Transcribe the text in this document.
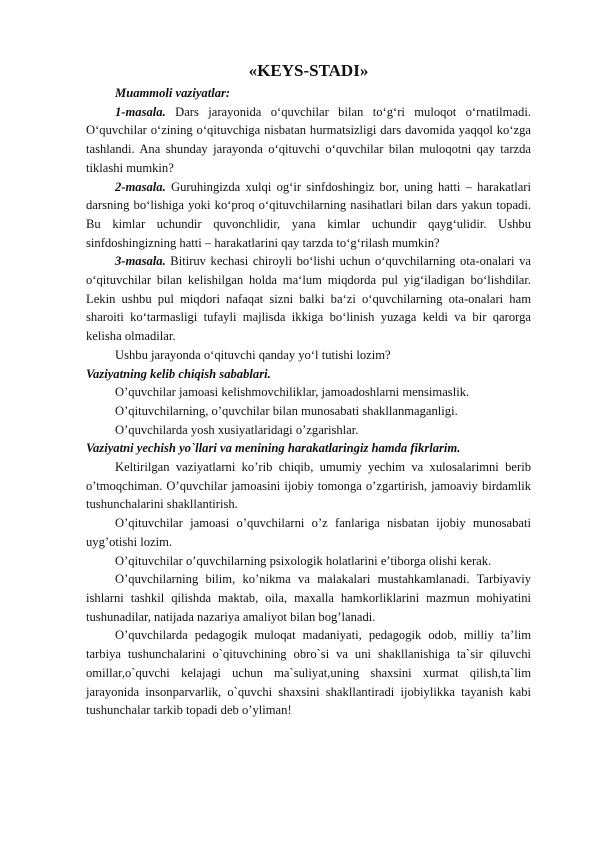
«KEYS-STADI»

Muammoli vaziyatlar:

1-masala. Dars jarayonida o‘quvchilar bilan to‘g‘ri muloqot o‘rnatilmadi. O‘quvchilar o‘zining o‘qituvchiga nisbatan hurmatsizligi dars davomida yaqqol ko‘zga tashlandi. Ana shunday jarayonda o‘qituvchi o‘quvchilar bilan muloqotni qay tarzda tiklashi mumkin?

2-masala. Guruhingizda xulqi og‘ir sinfdoshingiz bor, uning hatti – harakatlari darsning bo‘lishiga yoki ko‘proq o‘qituvchilarning nasihatlari bilan dars yakun topadi. Bu kimlar uchundir quvonchlidir, yana kimlar uchundir qayg‘ulidir. Ushbu sinfdoshingizning hatti – harakatlarini qay tarzda to‘g‘rilash mumkin?

3-masala. Bitiruv kechasi chiroyli bo‘lishi uchun o‘quvchilarning ota-onalari va o‘qituvchilar bilan kelishilgan holda ma‘lum miqdorda pul yig‘iladigan bo‘lishdilar. Lekin ushbu pul miqdori nafaqat sizni balki ba‘zi o‘quvchilarning ota-onalari ham sharoiti ko‘tarmasligi tufayli majlisda ikkiga bo‘linish yuzaga keldi va bir qarorga kelisha olmadilar.

Ushbu jarayonda o‘qituvchi qanday yo‘l tutishi lozim?

Vaziyatning kelib chiqish sabablari.

O’quvchilar jamoasi kelishmovchiliklar, jamoadoshlarni mensimaslik.

O’qituvchilarning, o’quvchilar bilan munosabati shakllanmaganligi.

O’quvchilarda yosh xusiyatlaridagi o’zgarishlar.

Vaziyatni yechish yo`llari va menining harakatlaringiz hamda fikrlarim.

Keltirilgan vaziyatlarni ko’rib chiqib, umumiy yechim va xulosalarimni berib o’tmoqchiman. O’quvchilar jamoasini ijobiy tomonga o’zgartirish, jamoaviy birdamlik tushunchalarini shakllantirish.

O’qituvchilar jamoasi o’quvchilarni o’z fanlariga nisbatan ijobiy munosabati uyg’otishi lozim.

O’qituvchilar o’quvchilarning psixologik holatlarini e’tiborga olishi kerak.

O’quvchilarning bilim, ko’nikma va malakalari mustahkamlanadi. Tarbiyaviy ishlarni tashkil qilishda maktab, oila, maxalla hamkorliklarini mazmun mohiyatini tushunadilar, natijada nazariya amaliyot bilan bog’lanadi.

O’quvchilarda pedagogik muloqat madaniyati, pedagogik odob, milliy ta’lim tarbiya tushunchalarini o`qituvchining obro`si va uni shakllanishiga ta`sir qiluvchi omillar,o`quvchi kelajagi uchun ma`suliyat,uning shaxsini xurmat qilish,ta`lim jarayonida insonparvarlik, o`quvchi shaxsini shakllantiradi ijobiylikka tayanish kabi tushunchalar tarkib topadi deb o’yliman!
